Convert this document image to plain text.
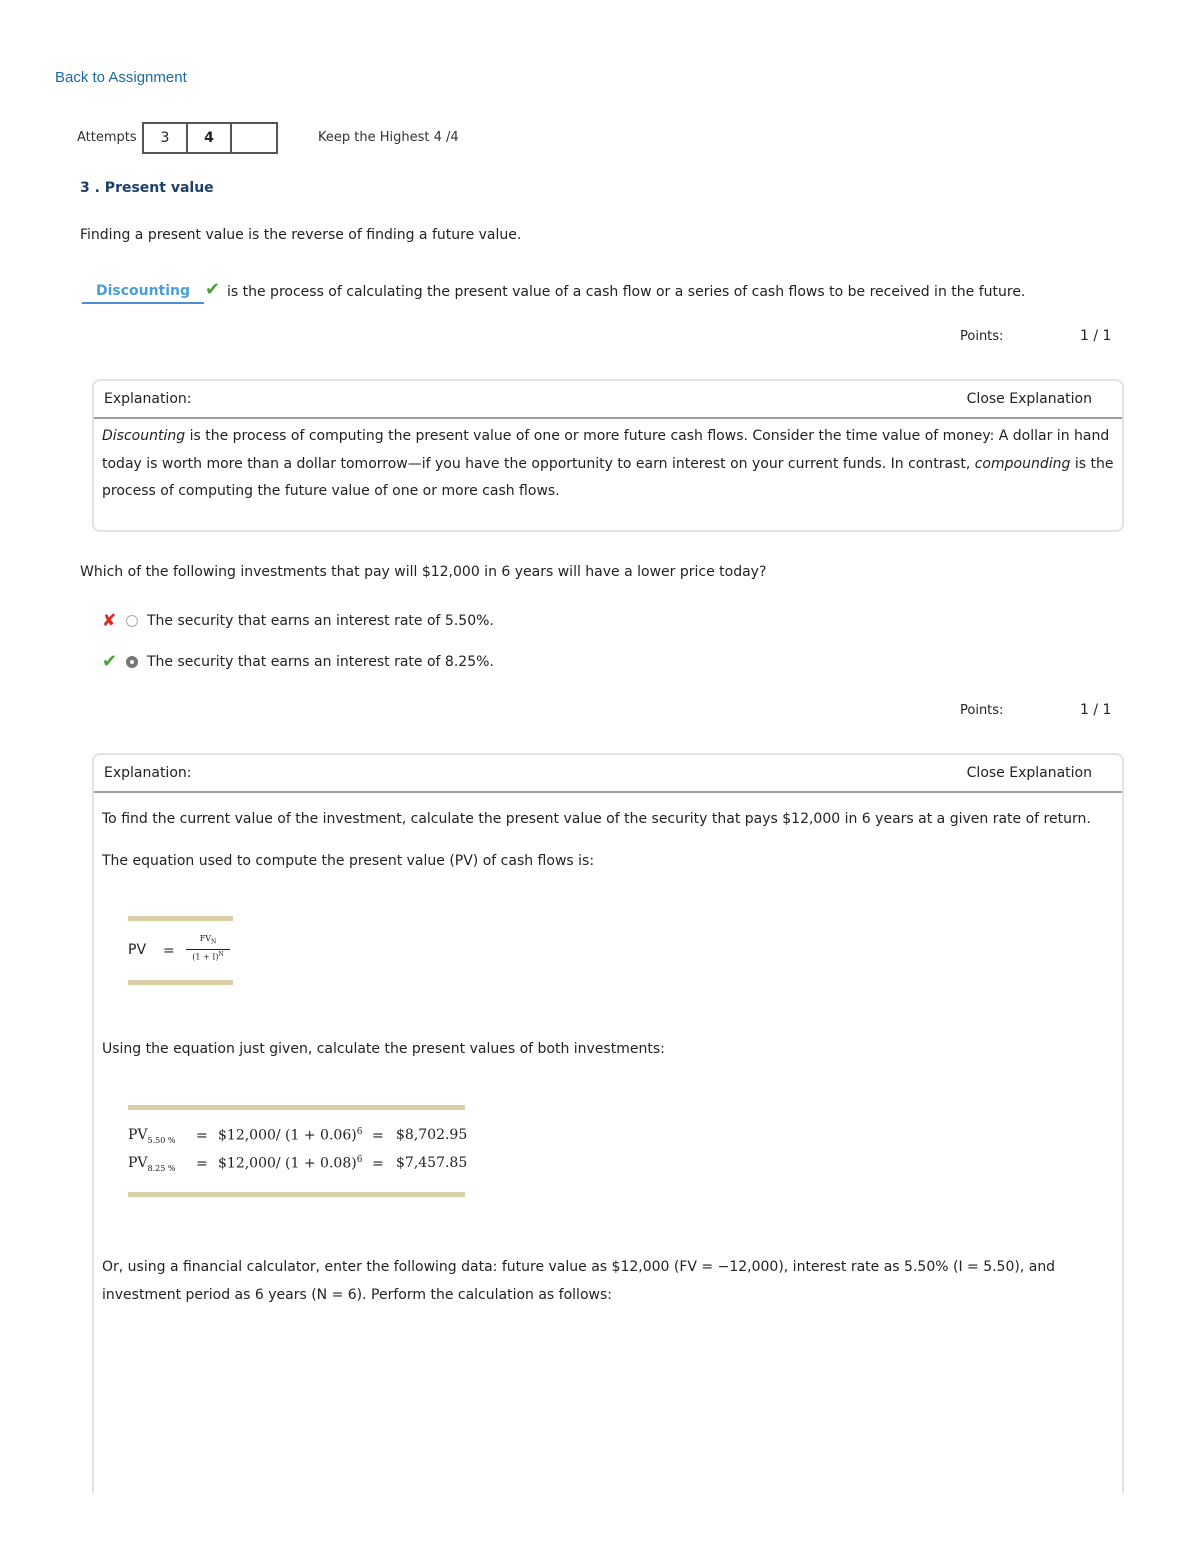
Back to Assignment
Attempts	3	4	Keep the Highest 4 /4
3 . Present value
Finding a present value is the reverse of finding a future value.
Discounting ✔ is the process of calculating the present value of a cash flow or a series of cash flows to be received in the future.
Points:	1 / 1
Explanation:	Close Explanation
Discounting is the process of computing the present value of one or more future cash flows. Consider the time value of money: A dollar in hand today is worth more than a dollar tomorrow—if you have the opportunity to earn interest on your current funds. In contrast, compounding is the process of computing the future value of one or more cash flows.
Which of the following investments that pay will $12,000 in 6 years will have a lower price today?
✘	The security that earns an interest rate of 5.50%.
✔	The security that earns an interest rate of 8.25%.
Points:	1 / 1
Explanation:	Close Explanation
To find the current value of the investment, calculate the present value of the security that pays $12,000 in 6 years at a given rate of return.
The equation used to compute the present value (PV) of cash flows is:
PV =
$FV_N$
$(1 + I)^N$
Using the equation just given, calculate the present values of both investments:
$PV_{5.50 \%}$ = $12,000/ $(1 + 0.06)^6$ = $8,702.95
$PV_{8.25 \%}$ = $12,000/ $(1 + 0.08)^6$ = $7,457.85
Or, using a financial calculator, enter the following data: future value as $12,000 (FV = −12,000), interest rate as 5.50% (I = 5.50), and investment period as 6 years (N = 6). Perform the calculation as follows:
